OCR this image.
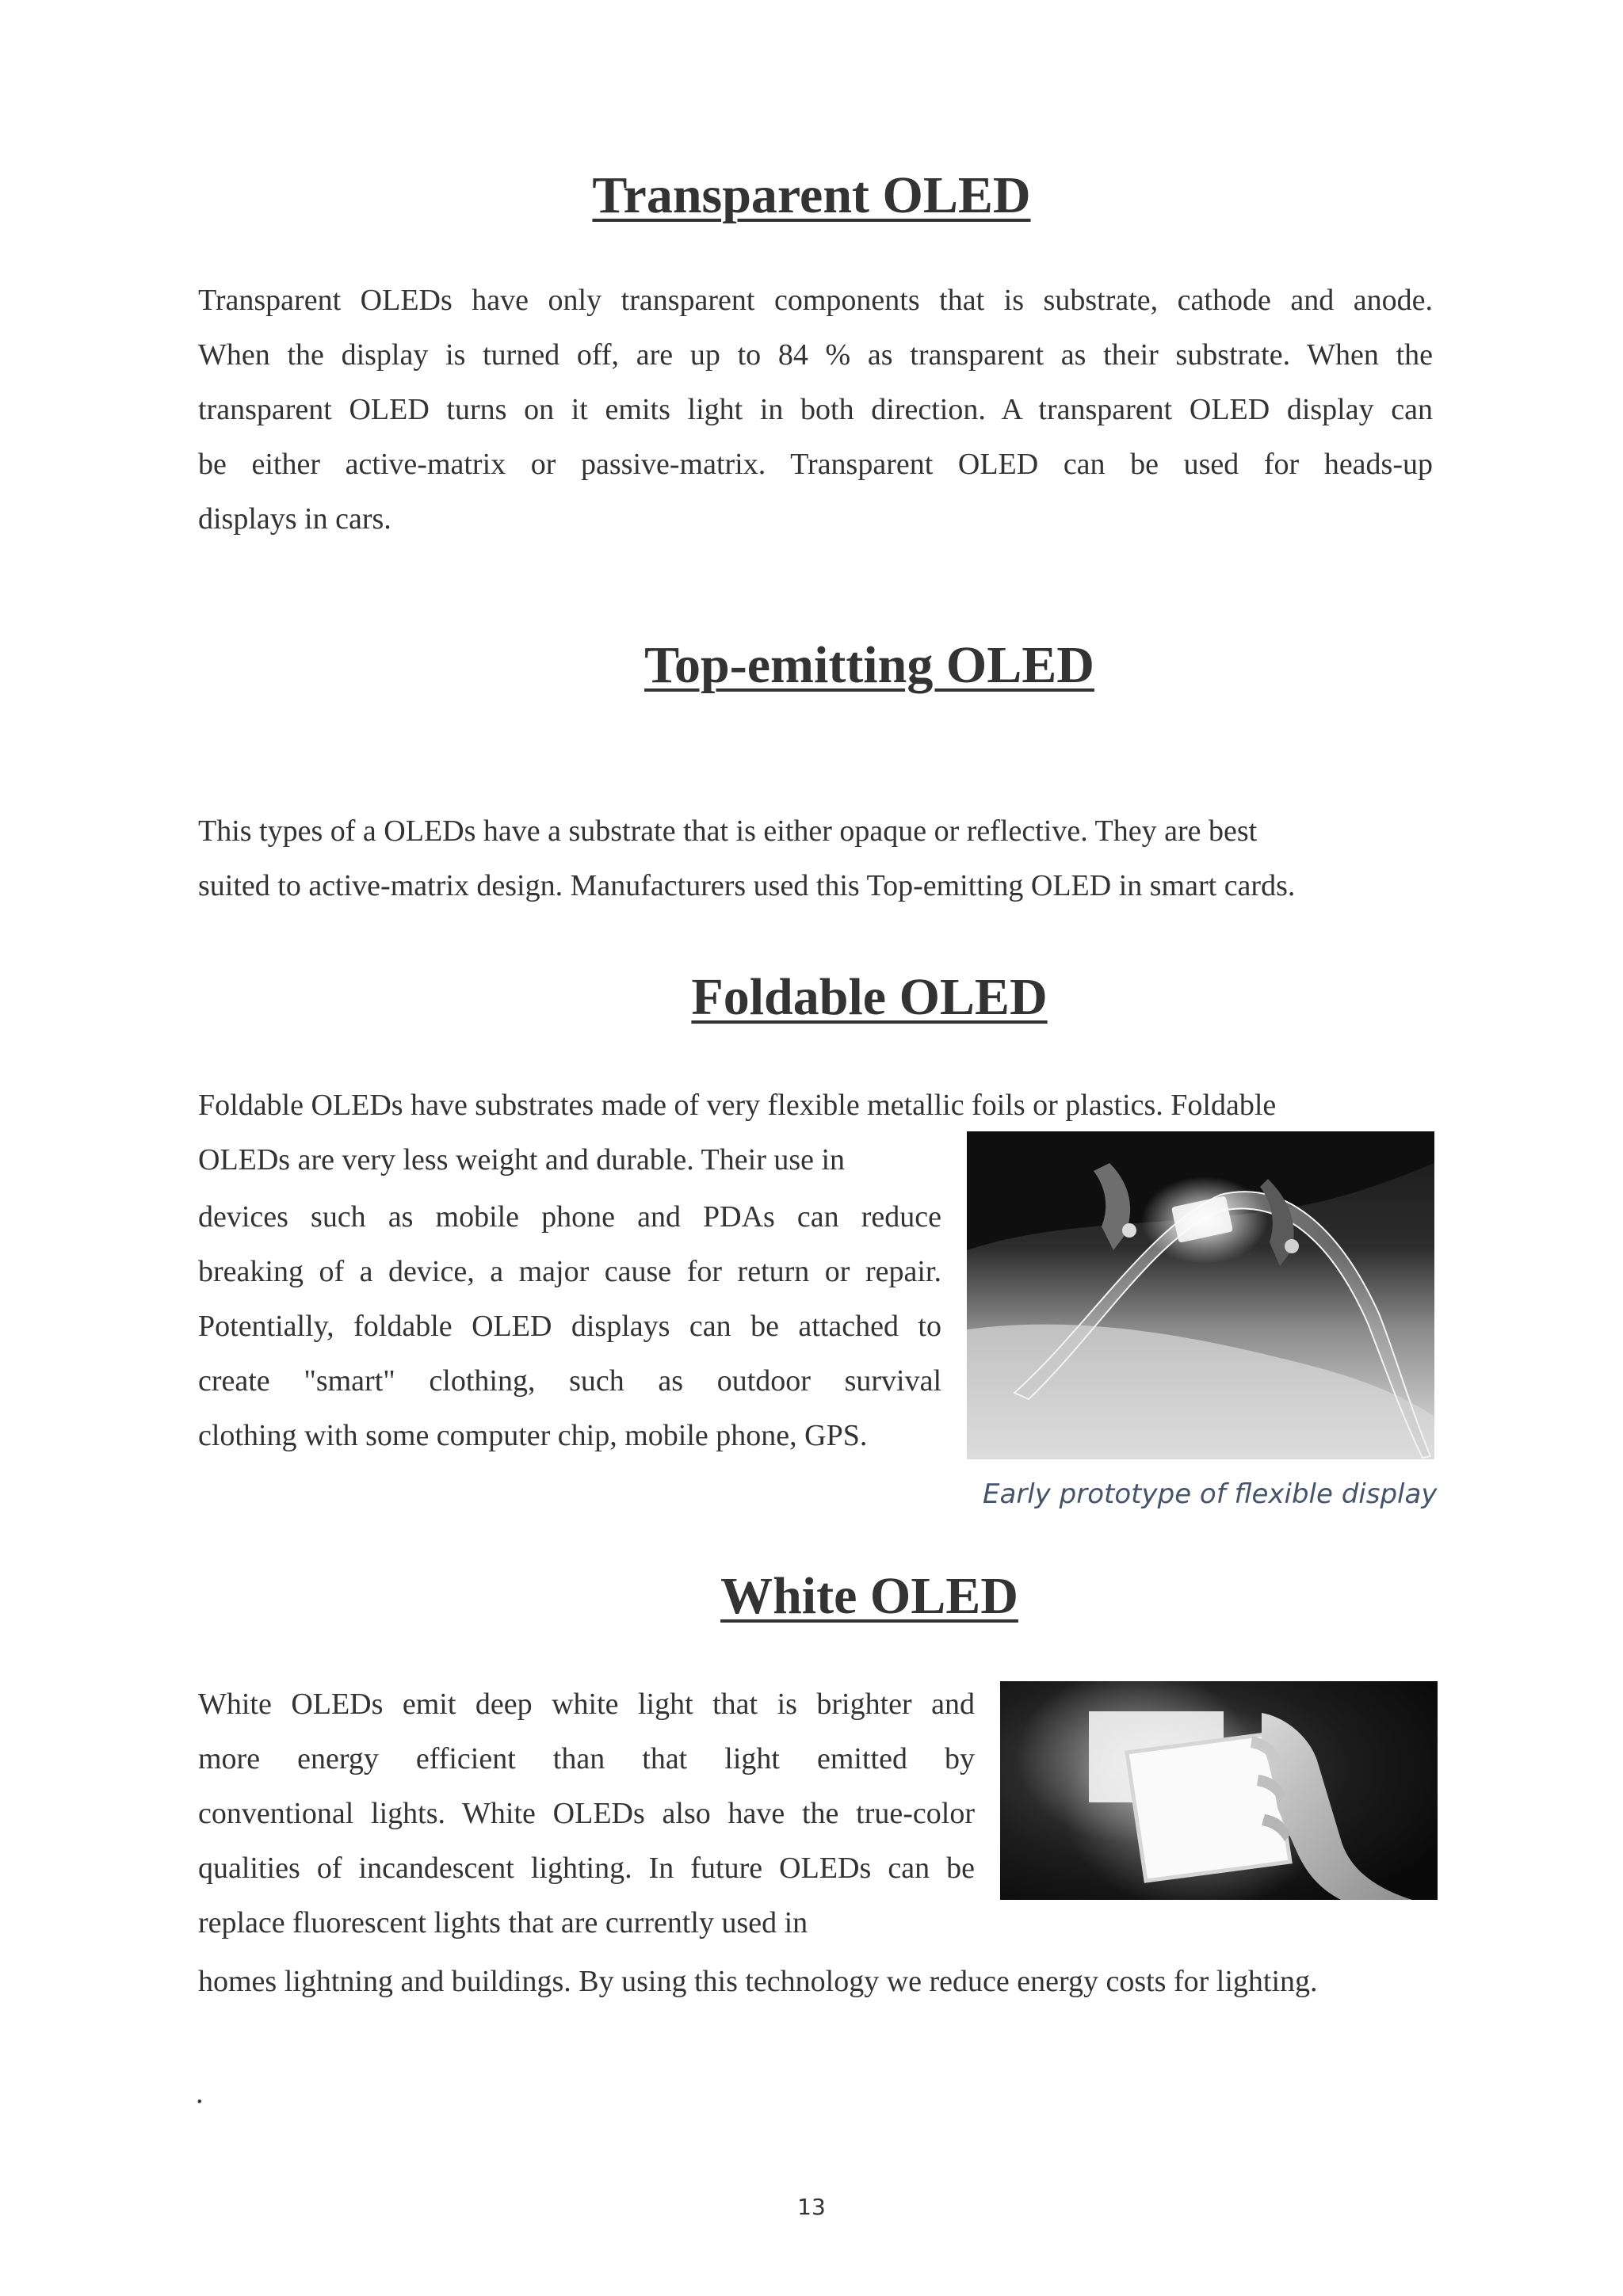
Transparent OLED

Transparent OLEDs have only transparent components that is substrate, cathode and anode.

When the display is turned off, are up to 84 % as transparent as their substrate. When the

transparent OLED turns on it emits light in both direction. A transparent OLED display can

be either active-matrix or passive-matrix. Transparent OLED can be used for heads-up

displays in cars.

Top-emitting OLED

This types of a OLEDs have a substrate that is either opaque or reflective. They are best

suited to active-matrix design. Manufacturers used this Top-emitting OLED in smart cards.

Foldable OLED

Foldable OLEDs have substrates made of very flexible metallic foils or plastics. Foldable

OLEDs are very less weight and durable. Their use in

devices such as mobile phone and PDAs can reduce

breaking of a device, a major cause for return or repair.

Potentially, foldable OLED displays can be attached to

create "smart" clothing, such as outdoor survival

clothing with some computer chip, mobile phone, GPS.

Early prototype of flexible display

White OLED

White OLEDs emit deep white light that is brighter and

more energy efficient than that light emitted by

conventional lights. White OLEDs also have the true-color

qualities of incandescent lighting. In future OLEDs can be

replace fluorescent lights that are currently used in

homes lightning and buildings. By using this technology we reduce energy costs for lighting.

.

13
